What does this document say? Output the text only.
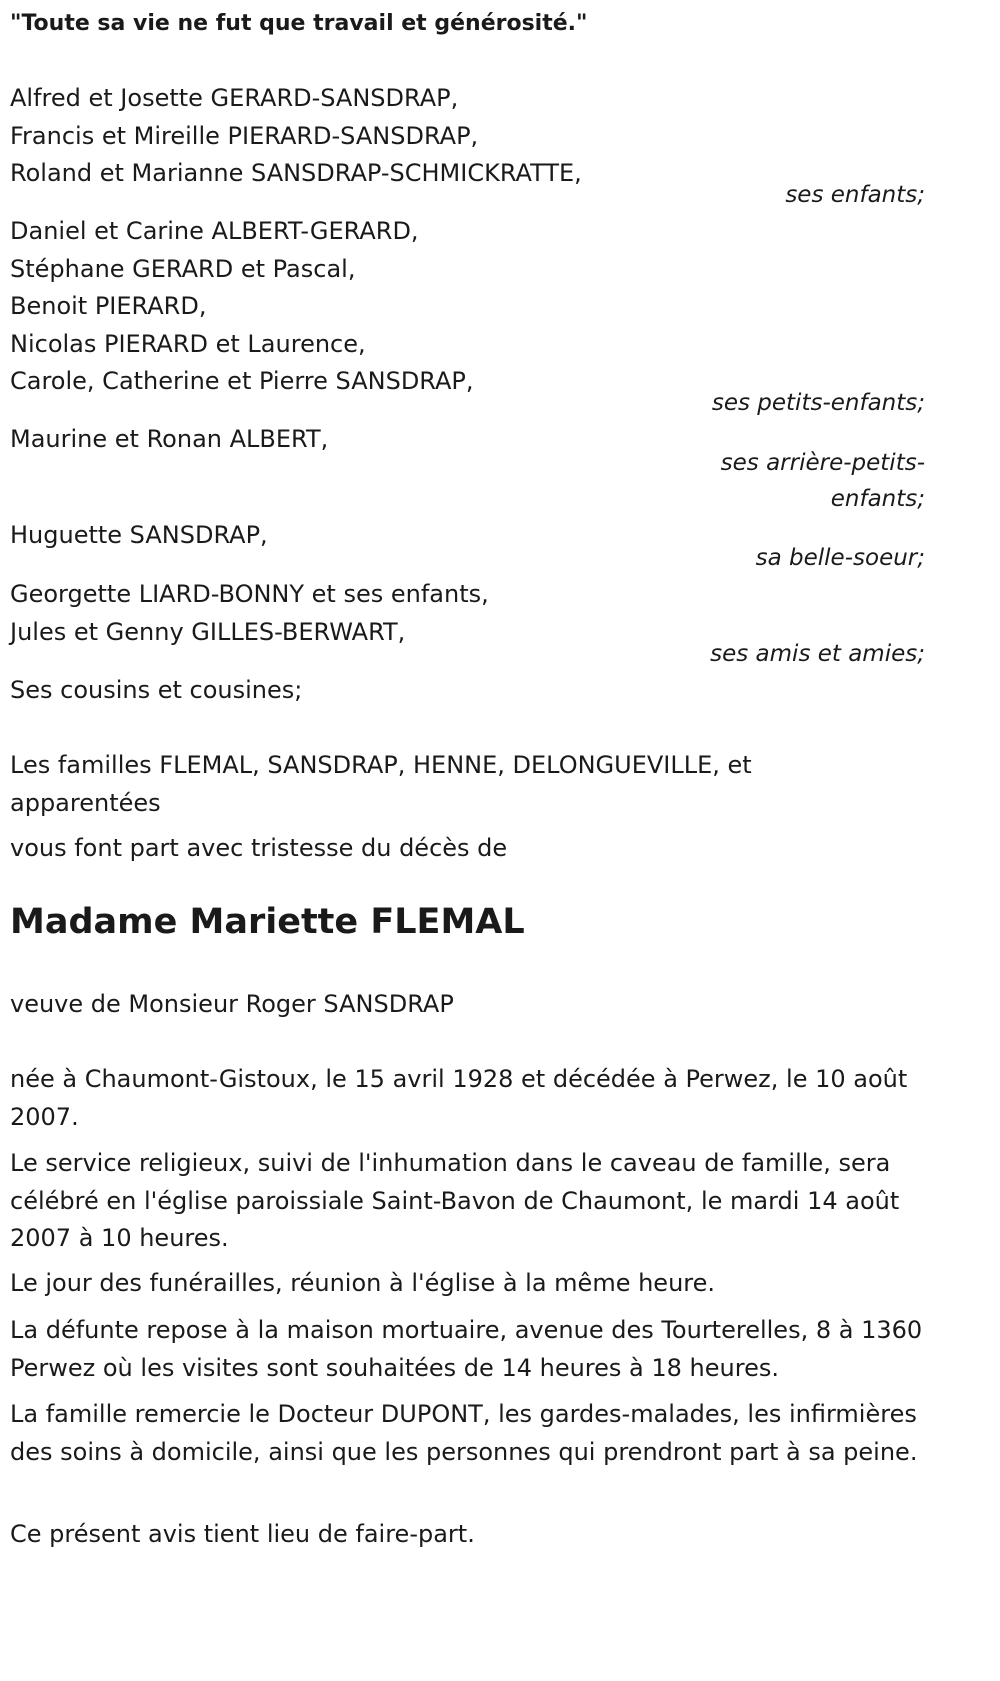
"Toute sa vie ne fut que travail et générosité."
Alfred et Josette GERARD-SANSDRAP,
Francis et Mireille PIERARD-SANSDRAP,
Roland et Marianne SANSDRAP-SCHMICKRATTE,
ses enfants;
Daniel et Carine ALBERT-GERARD,
Stéphane GERARD et Pascal,
Benoit PIERARD,
Nicolas PIERARD et Laurence,
Carole, Catherine et Pierre SANSDRAP,
ses petits-enfants;
Maurine et Ronan ALBERT,
ses arrière-petits-enfants;
Huguette SANSDRAP,
sa belle-soeur;
Georgette LIARD-BONNY et ses enfants,
Jules et Genny GILLES-BERWART,
ses amis et amies;
Ses cousins et cousines;
Les familles FLEMAL, SANSDRAP, HENNE, DELONGUEVILLE, et apparentées
vous font part avec tristesse du décès de
Madame Mariette FLEMAL
veuve de Monsieur Roger SANSDRAP
née à Chaumont-Gistoux, le 15 avril 1928 et décédée à Perwez, le 10 août 2007.
Le service religieux, suivi de l'inhumation dans le caveau de famille, sera célébré en l'église paroissiale Saint-Bavon de Chaumont, le mardi 14 août 2007 à 10 heures.
Le jour des funérailles, réunion à l'église à la même heure.
La défunte repose à la maison mortuaire, avenue des Tourterelles, 8 à 1360 Perwez où les visites sont souhaitées de 14 heures à 18 heures.
La famille remercie le Docteur DUPONT, les gardes-malades, les infirmières des soins à domicile, ainsi que les personnes qui prendront part à sa peine.
Ce présent avis tient lieu de faire-part.
